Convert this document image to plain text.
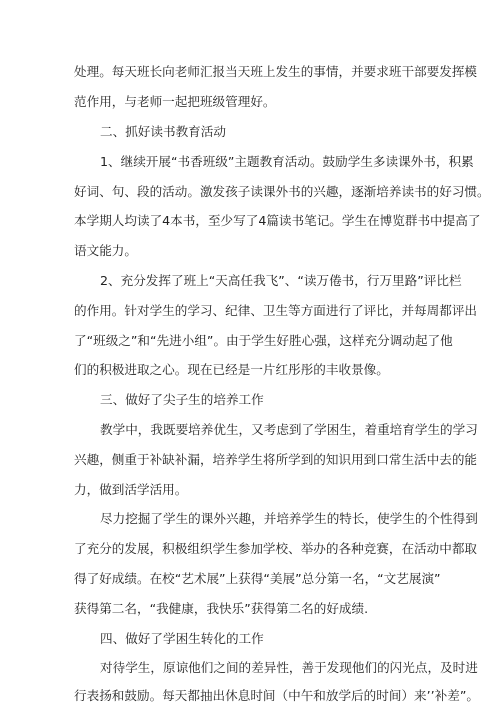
处理。每天班长向老师汇报当天班上发生的事情，并要求班干部要发挥模
范作用，与老师一起把班级管理好。
二、抓好读书教育活动
1、继续开展“书香班级”主题教育活动。鼓励学生多读课外书，积累
好词、句、段的活动。激发孩子读课外书的兴趣，逐渐培养读书的好习惯。
本学期人均读了4本书，至少写了4篇读书笔记。学生在博览群书中提高了
语文能力。
2、充分发挥了班上“天高任我飞”、“读万倦书，行万里路”评比栏
的作用。针对学生的学习、纪律、卫生等方面进行了评比，并每周都评出
了“班级之”和“先进小组”。由于学生好胜心强，这样充分调动起了他
们的积极进取之心。现在已经是一片红彤彤的丰收景像。
三、做好了尖子生的培养工作
教学中，我既要培养优生，又考虑到了学困生，着重培育学生的学习
兴趣，侧重于补缺补漏，培养学生将所学到的知识用到口常生活中去的能
力，做到活学活用。
尽力挖掘了学生的课外兴趣，并培养学生的特长，使学生的个性得到
了充分的发展，积极组织学生参加学校、举办的各种竞赛，在活动中都取
得了好成绩。在校“艺术展”上获得“美展”总分第一名，“文艺展演”
获得第二名，“我健康，我快乐”获得第二名的好成绩.
四、做好了学困生转化的工作
对待学生，原谅他们之间的差异性，善于发现他们的闪光点，及时进
行表扬和鼓励。每天都抽出休息时间（中午和放学后的时间）来’’补差”。
